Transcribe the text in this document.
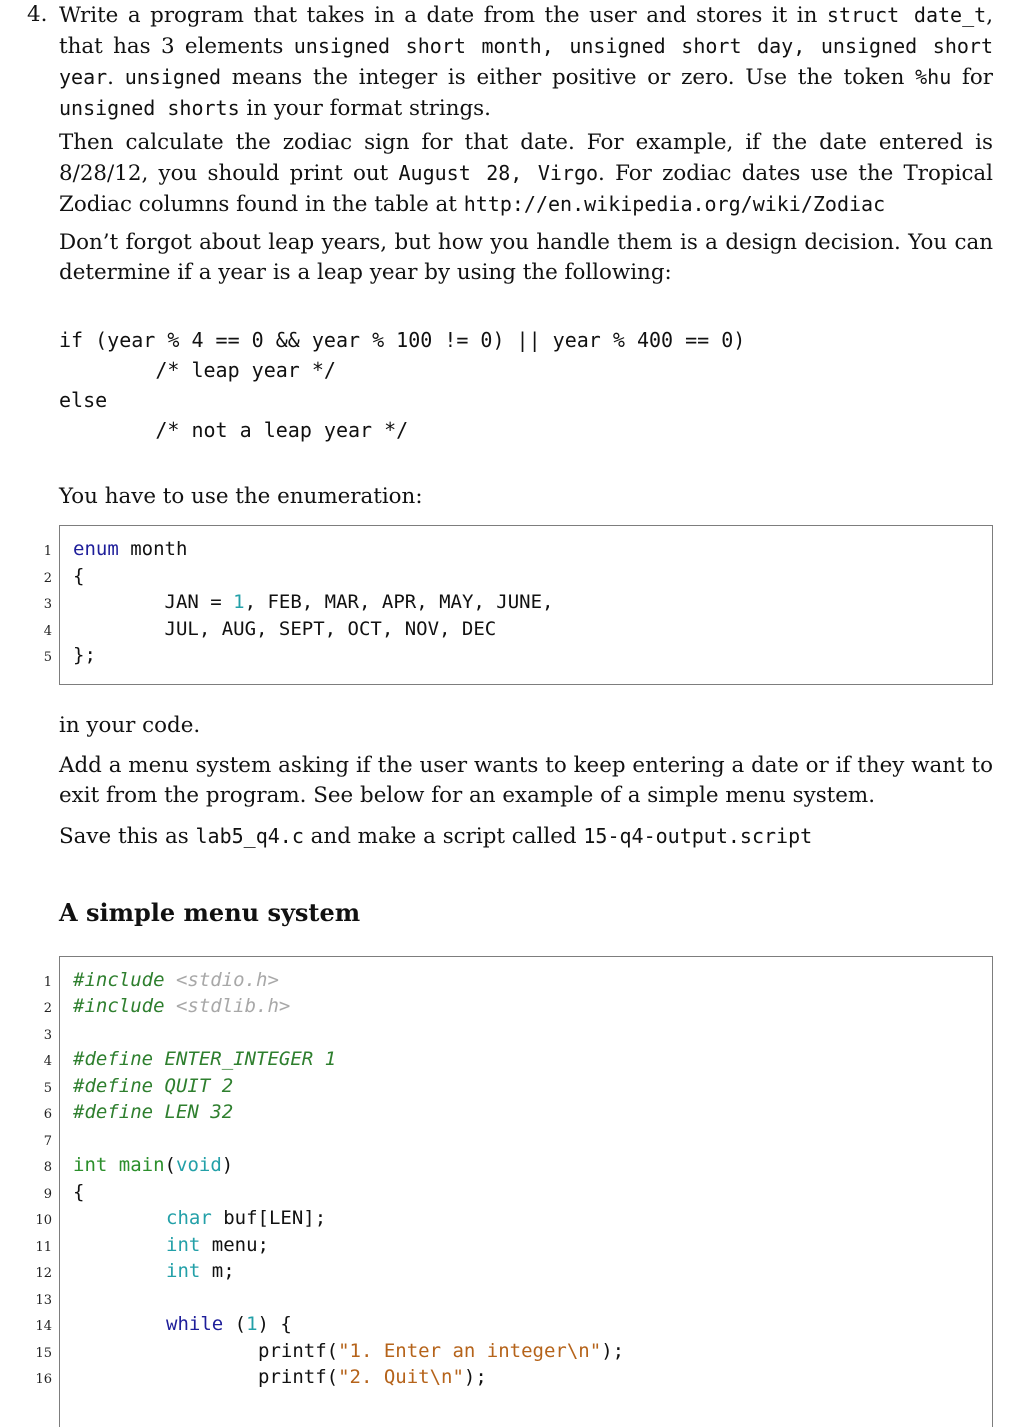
4. Write a program that takes in a date from the user and stores it in struct date_t, that has 3 elements unsigned short month, unsigned short day, unsigned short year. unsigned means the integer is either positive or zero. Use the token %hu for unsigned shorts in your format strings.
Then calculate the zodiac sign for that date. For example, if the date entered is 8/28/12, you should print out August 28, Virgo. For zodiac dates use the Tropical Zodiac columns found in the table at http://en.wikipedia.org/wiki/Zodiac
Don’t forgot about leap years, but how you handle them is a design decision. You can determine if a year is a leap year by using the following:
if (year % 4 == 0 && year % 100 != 0) || year % 400 == 0)
/* leap year */
else
/* not a leap year */
You have to use the enumeration:
1
2
3
4
5
enum month
{
JAN = 1, FEB, MAR, APR, MAY, JUNE,
JUL, AUG, SEPT, OCT, NOV, DEC
};
in your code.
Add a menu system asking if the user wants to keep entering a date or if they want to exit from the program. See below for an example of a simple menu system.
Save this as lab5_q4.c and make a script called 15-q4-output.script
A simple menu system
1
2
3
4
5
6
7
8
9
10
11
12
13
14
15
16
#include <stdio.h>
#include <stdlib.h>
#define ENTER_INTEGER 1
#define QUIT 2
#define LEN 32
int main(void)
{
char buf[LEN];
int menu;
int m;
while (1) {
printf("1. Enter an integer\n");
printf("2. Quit\n");
